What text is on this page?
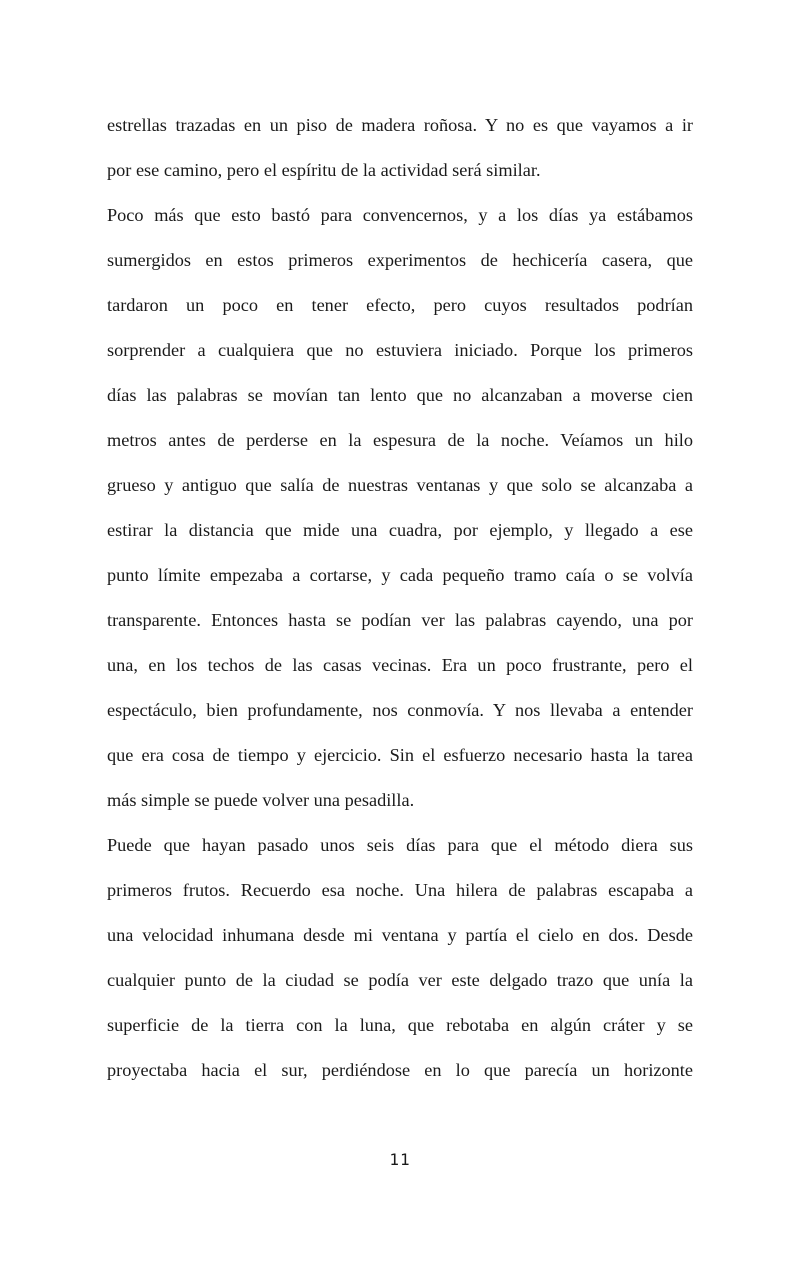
estrellas trazadas en un piso de madera roñosa. Y no es que vayamos a ir
por ese camino, pero el espíritu de la actividad será similar.
Poco más que esto bastó para convencernos, y a los días ya estábamos
sumergidos en estos primeros experimentos de hechicería casera, que
tardaron un poco en tener efecto, pero cuyos resultados podrían
sorprender a cualquiera que no estuviera iniciado. Porque los primeros
días las palabras se movían tan lento que no alcanzaban a moverse cien
metros antes de perderse en la espesura de la noche. Veíamos un hilo
grueso y antiguo que salía de nuestras ventanas y que solo se alcanzaba a
estirar la distancia que mide una cuadra, por ejemplo, y llegado a ese
punto límite empezaba a cortarse, y cada pequeño tramo caía o se volvía
transparente. Entonces hasta se podían ver las palabras cayendo, una por
una, en los techos de las casas vecinas. Era un poco frustrante, pero el
espectáculo, bien profundamente, nos conmovía. Y nos llevaba a entender
que era cosa de tiempo y ejercicio. Sin el esfuerzo necesario hasta la tarea
más simple se puede volver una pesadilla.
Puede que hayan pasado unos seis días para que el método diera sus
primeros frutos. Recuerdo esa noche. Una hilera de palabras escapaba a
una velocidad inhumana desde mi ventana y partía el cielo en dos. Desde
cualquier punto de la ciudad se podía ver este delgado trazo que unía la
superficie de la tierra con la luna, que rebotaba en algún cráter y se
proyectaba hacia el sur, perdiéndose en lo que parecía un horizonte
11
